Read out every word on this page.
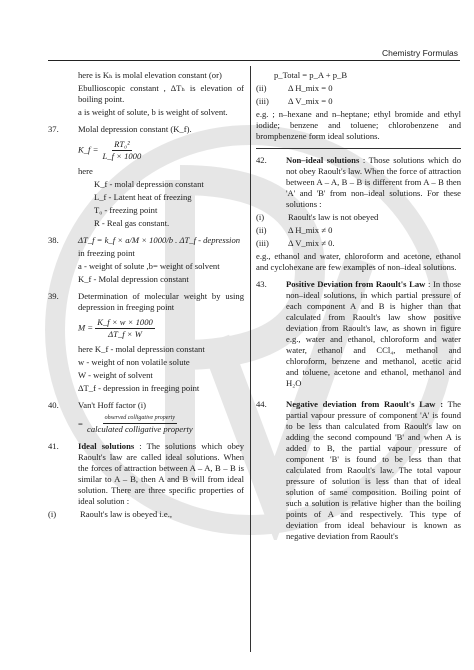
Chemistry Formulas

here is Kₕ is molal elevation constant (or)

Ebullioscopic constant , ΔTₕ is elevation of boiling point.

a is weight of solute, b is weight of solvent.

37.	Molal depression constant (K_f).
K_f = $\frac{\text{RT₀²}}{L\_f \times 1000}$

here

K_f - molal depression constant

L_f - Latent heat of freezing

T₀ - freezing point

R - Real gas constant.

38.	ΔT_f = k_f × a/M × 1000/b . ΔT_f - depression

in freezing point

a - weight of solute ,b= weight of solvent

K_f - Molal depression constant

39.	Determination of molecular weight by using depression in freeging point
$M = \frac{K\_f \times w \times 1000}{\Delta T\_f \times W}$

here K_f - molal depression constant

w - weight of non volatile solute

W - weight of solvent

ΔT_f - depression in freeging point

40.	Van't Hoff factor (i)
= $\frac{\text{observed colligative property}}{\text{calculated colligative property}}$
41.	Ideal solutions : The solutions which obey Raoult's law are called ideal solutions. When the forces of attraction between A – A, B – B is similar to A – B, then A and B will from ideal solution. There are three specific properties of ideal solution :
(i)	Raoult's law is obeyed i.e.,

p_Total = p_A + p_B

(ii)	Δ H_mix = 0
(iii)	Δ V_mix = 0

e.g. ; n–hexane and n–heptane; ethyl bromide and ethyl iodide; benzene and toluene; chlorobenzene and brompbenzene form ideal solutions.

42.	Non–ideal solutions : Those solutions which do not obey Raoult's law. When the force of attraction between A – A, B – B is different from A – B then 'A' and 'B' from non–ideal solutions. For these solutions :
(i)	Raoult's law is not obeyed
(ii)	Δ H_mix ≠ 0
(iii)	Δ V_mix ≠ 0.

e.g., ethanol and water, chloroform and acetone, ethanol and cyclohexane are few examples of non–ideal solutions.

43.	Positive Deviation from Raoult's Law : In those non–ideal solutions, in which partial pressure of each component A and B is higher than that calculated from Raoult's law show positive deviation from Raoult's law, as shown in figure e.g., water and ethanol, chloroform and water water, ethanol and CCl₄, methanol and chloroform, benzene and methanol, acetic acid and toluene, acetone and ethanol, methanol and H₂O
44.	Negative deviation from Raoult's Law : The partial vapour pressure of component 'A' is found to be less than calculated from Raoult's law on adding the second compound 'B' and when A is added to B, the partial vapour pressure of component 'B' is found to be less than that calculated from Raoult's law. The total vapour pressure of solution is less than that of ideal solution of same composition. Boiling point of such a solution is relative higher than the boiling points of A and respectively. This type of deviation from ideal behaviour is known as negative deviation from Raoult's
